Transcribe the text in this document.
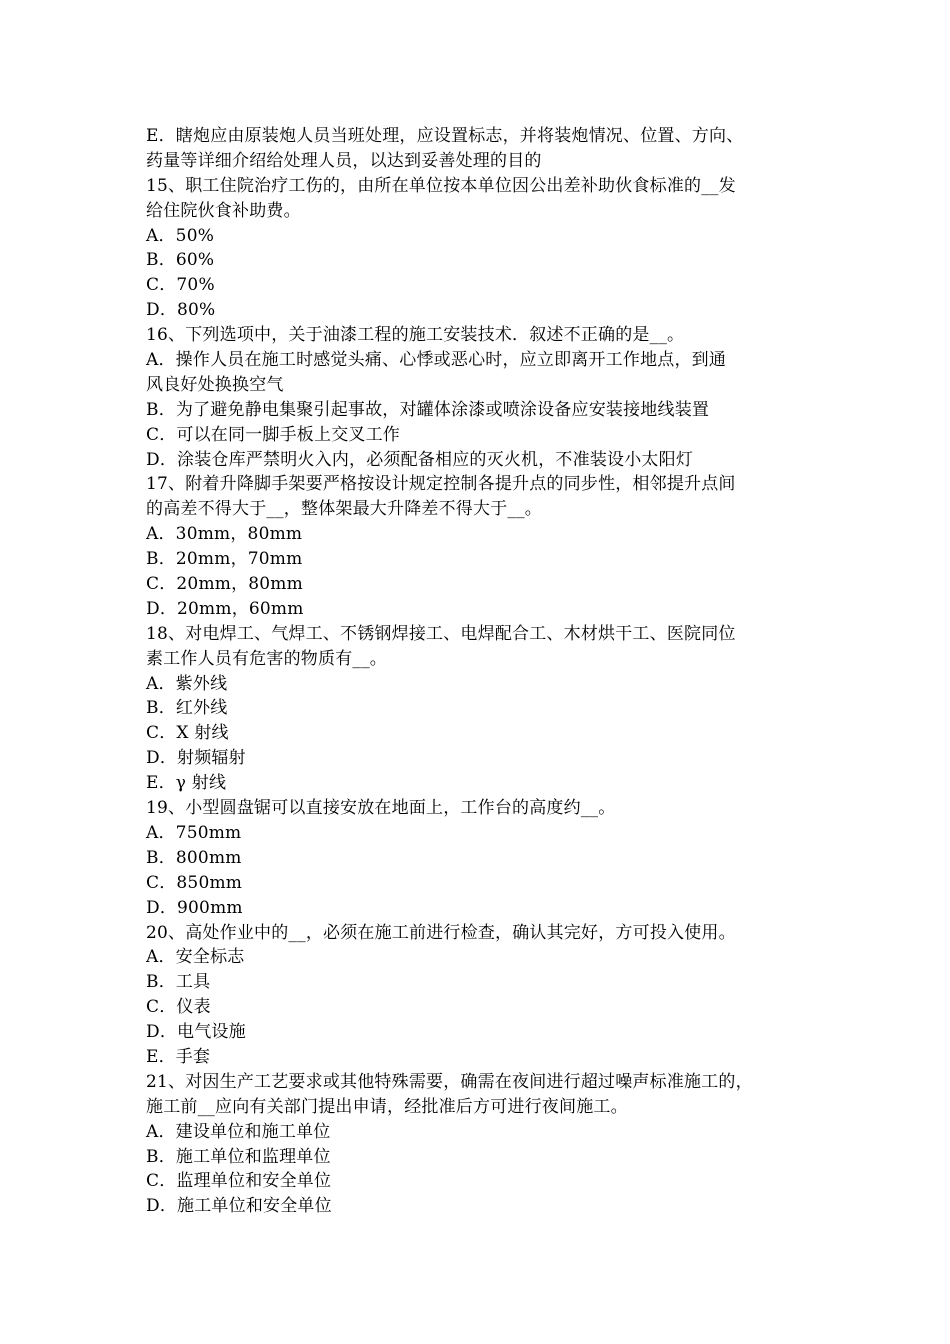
E．瞎炮应由原装炮人员当班处理，应设置标志，并将装炮情况、位置、方向、
药量等详细介绍给处理人员，以达到妥善处理的目的
15、职工住院治疗工伤的，由所在单位按本单位因公出差补助伙食标准的__发
给住院伙食补助费。
A．50%
B．60%
C．70%
D．80%
16、下列选项中，关于油漆工程的施工安装技术．叙述不正确的是__。
A．操作人员在施工时感觉头痛、心悸或恶心时，应立即离开工作地点，到通
风良好处换换空气
B．为了避免静电集聚引起事故，对罐体涂漆或喷涂设备应安装接地线装置
C．可以在同一脚手板上交叉工作
D．涂装仓库严禁明火入内，必须配备相应的灭火机，不准装设小太阳灯
17、附着升降脚手架要严格按设计规定控制各提升点的同步性，相邻提升点间
的高差不得大于__，整体架最大升降差不得大于__。
A．30mm，80mm
B．20mm，70mm
C．20mm，80mm
D．20mm，60mm
18、对电焊工、气焊工、不锈钢焊接工、电焊配合工、木材烘干工、医院同位
素工作人员有危害的物质有__。
A．紫外线
B．红外线
C．X 射线
D．射频辐射
E．γ 射线
19、小型圆盘锯可以直接安放在地面上，工作台的高度约__。
A．750mm
B．800mm
C．850mm
D．900mm
20、高处作业中的__，必须在施工前进行检查，确认其完好，方可投入使用。
A．安全标志
B．工具
C．仪表
D．电气设施
E．手套
21、对因生产工艺要求或其他特殊需要，确需在夜间进行超过噪声标准施工的，
施工前__应向有关部门提出申请，经批准后方可进行夜间施工。
A．建设单位和施工单位
B．施工单位和监理单位
C．监理单位和安全单位
D．施工单位和安全单位
